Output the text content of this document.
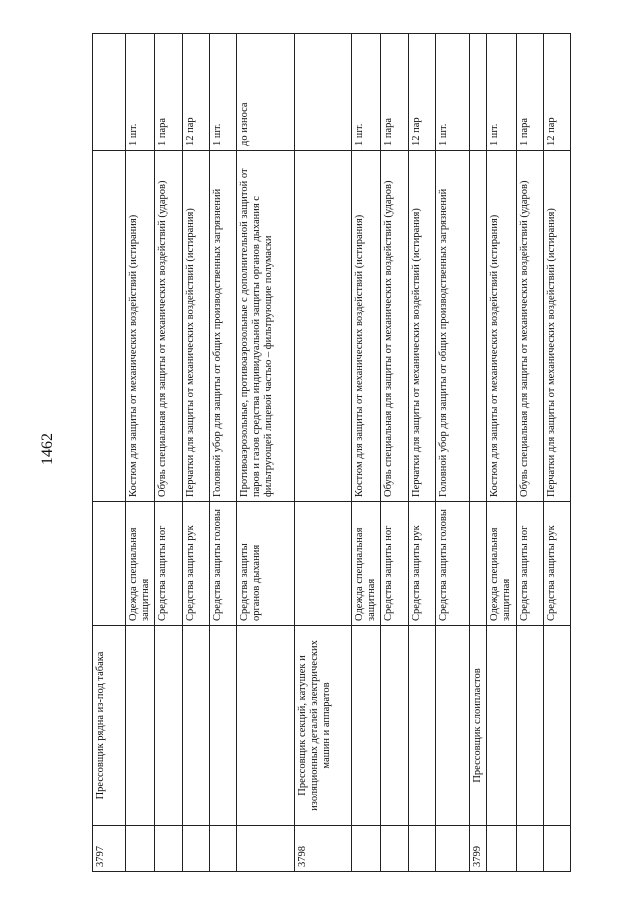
1462
3797	Прессовщик рядна из-под табака			
		Одежда специальная защитная	Костюм для защиты от механических воздействий (истирания)	1 шт.
		Средства защиты ног	Обувь специальная для защиты от механических воздействий (ударов)	1 пара
		Средства защиты рук	Перчатки для защиты от механических воздействий (истирания)	12 пар
		Средства защиты головы	Головной убор для защиты от общих производственных загрязнений	1 шт.
		Средства защиты органов дыхания	Противоаэрозольные, противоаэрозольные с дополнительной защитой от паров и газов средства индивидуальной защиты органов дыхания с фильтрующей лицевой частью – фильтрующие полумаски	до износа
3798	Прессовщик секций, катушек и изоляционных деталей электрических машин и аппаратов			
		Одежда специальная защитная	Костюм для защиты от механических воздействий (истирания)	1 шт.
		Средства защиты ног	Обувь специальная для защиты от механических воздействий (ударов)	1 пара
		Средства защиты рук	Перчатки для защиты от механических воздействий (истирания)	12 пар
		Средства защиты головы	Головной убор для защиты от общих производственных загрязнений	1 шт.
3799	Прессовщик слоипластов			
		Одежда специальная защитная	Костюм для защиты от механических воздействий (истирания)	1 шт.
		Средства защиты ног	Обувь специальная для защиты от механических воздействий (ударов)	1 пара
		Средства защиты рук	Перчатки для защиты от механических воздействий (истирания)	12 пар
